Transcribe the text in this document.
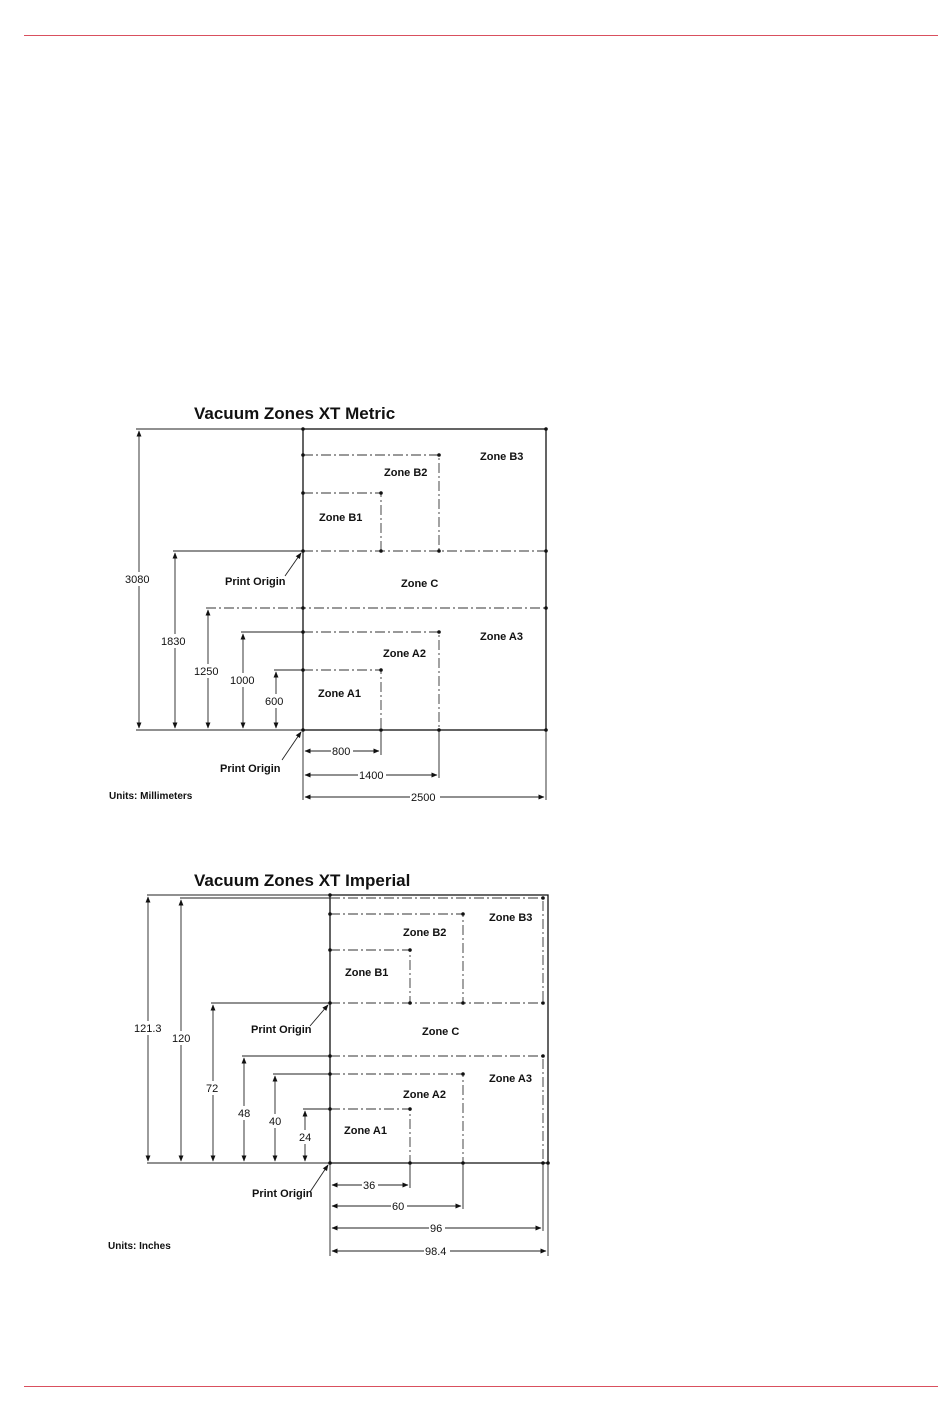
Vacuum Zones XT Metric
Zone B3
Zone B2
Zone B1
Zone C
Zone A3
Zone A2
Zone A1
3080
1830
1250
1000
600
800
1400
2500
Print Origin
Print Origin
Units: Millimeters
Vacuum Zones XT Imperial
Zone B3
Zone B2
Zone B1
Zone C
Zone A3
Zone A2
Zone A1
121.3
120
72
48
40
24
36
60
96
98.4
Print Origin
Print Origin
Units: Inches
